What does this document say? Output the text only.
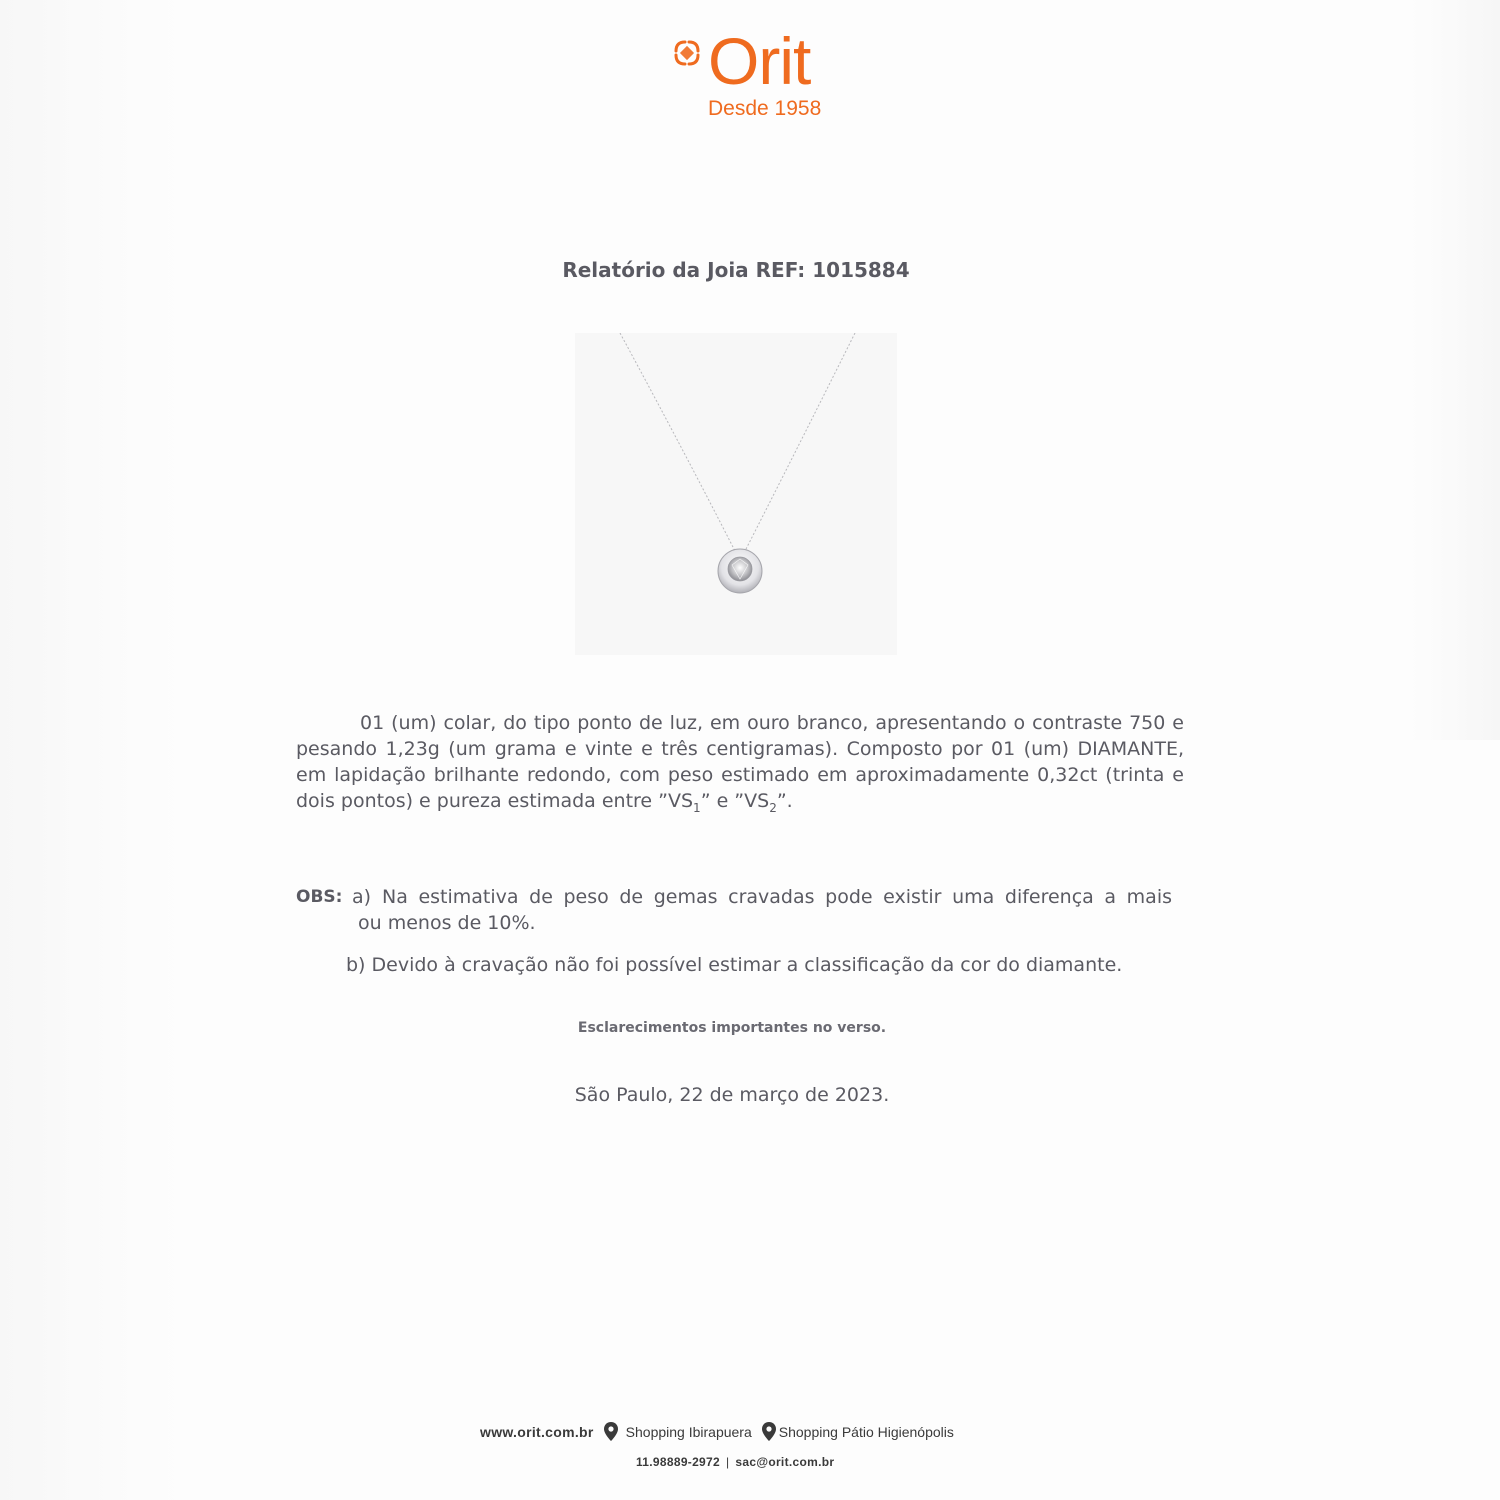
Orit
Desde 1958
Relatório da Joia REF: 1015884

01 (um) colar, do tipo ponto de luz, em ouro branco, apresentando o contraste 750 e pesando 1,23g (um grama e vinte e três centigramas). Composto por 01 (um) DIAMANTE, em lapidação brilhante redondo, com peso estimado em aproximadamente 0,32ct (trinta e dois pontos) e pureza estimada entre $”VS_1$” e $”VS_2$”.

OBS: a) Na estimativa de peso de gemas cravadas pode existir uma diferença a mais
ou menos de 10%.
b) Devido à cravação não foi possível estimar a classificação da cor do diamante.
Esclarecimentos importantes no verso.
São Paulo, 22 de março de 2023.
www.orit.com.br Shopping Ibirapuera Shopping Pátio Higienópolis
11.98889-2972 | sac@orit.com.br
